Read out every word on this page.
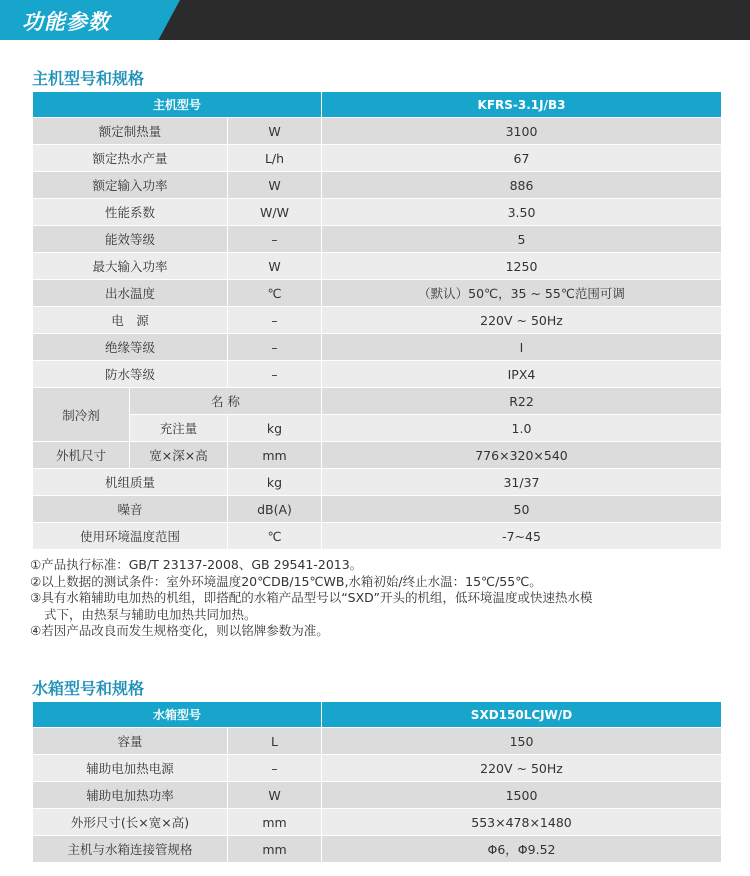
功能参数
主机型号和规格
主机型号			KFRS-3.1J/B3
额定制热量		W	3100
额定热水产量		L/h	67
额定输入功率		W	886
性能系数		W/W	3.50
能效等级		–	5
最大输入功率		W	1250
出水温度		℃	（默认）50℃，35 ~ 55℃范围可调
电　源		–	220V ~ 50Hz
绝缘等级		–	I
防水等级		–	IPX4
制冷剂	名 称		R22
	充注量	kg	1.0
外机尺寸	宽×深×高	mm	776×320×540
机组质量		kg	31/37
噪音		dB(A)	50
使用环境温度范围		℃	-7~45

①产品执行标准：GB/T 23137-2008、GB 29541-2013。

②以上数据的测试条件：室外环境温度20℃DB/15℃WB,水箱初始/终止水温：15℃/55℃。

③具有水箱辅助电加热的机组，即搭配的水箱产品型号以“SXD”开头的机组，低环境温度或快速热水模

式下，由热泵与辅助电加热共同加热。

④若因产品改良而发生规格变化，则以铭牌参数为准。

水箱型号和规格
水箱型号		SXD150LCJW/D
容量	L	150
辅助电加热电源	–	220V ~ 50Hz
辅助电加热功率	W	1500
外形尺寸(长×宽×高)	mm	553×478×1480
主机与水箱连接管规格	mm	Φ6，Φ9.52
